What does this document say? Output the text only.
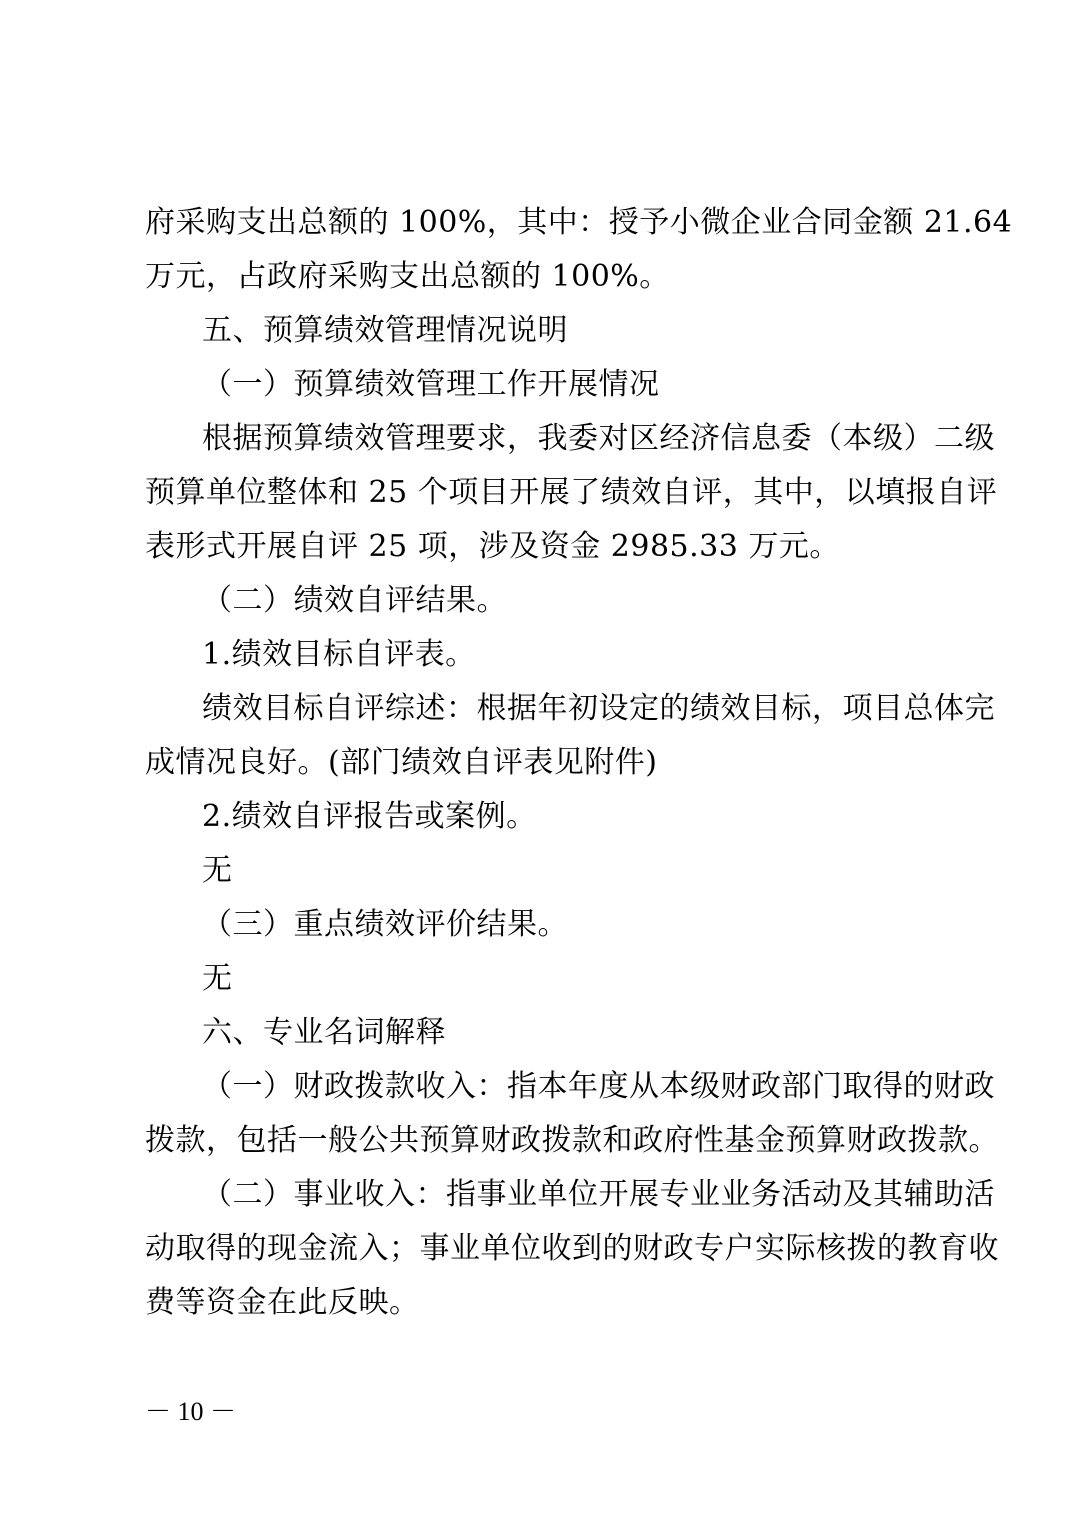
府采购支出总额的 100%，其中：授予小微企业合同金额 21.64
万元，占政府采购支出总额的 100%。
五、预算绩效管理情况说明
（一）预算绩效管理工作开展情况
根据预算绩效管理要求，我委对区经济信息委（本级）二级
预算单位整体和 25 个项目开展了绩效自评，其中，以填报自评
表形式开展自评 25 项，涉及资金 2985.33 万元。
（二）绩效自评结果。
1.绩效目标自评表。
绩效目标自评综述：根据年初设定的绩效目标，项目总体完
成情况良好。(部门绩效自评表见附件)
2.绩效自评报告或案例。
无
（三）重点绩效评价结果。
无
六、专业名词解释
（一）财政拨款收入：指本年度从本级财政部门取得的财政
拨款，包括一般公共预算财政拨款和政府性基金预算财政拨款。
（二）事业收入：指事业单位开展专业业务活动及其辅助活
动取得的现金流入；事业单位收到的财政专户实际核拨的教育收
费等资金在此反映。
－ 10 －
